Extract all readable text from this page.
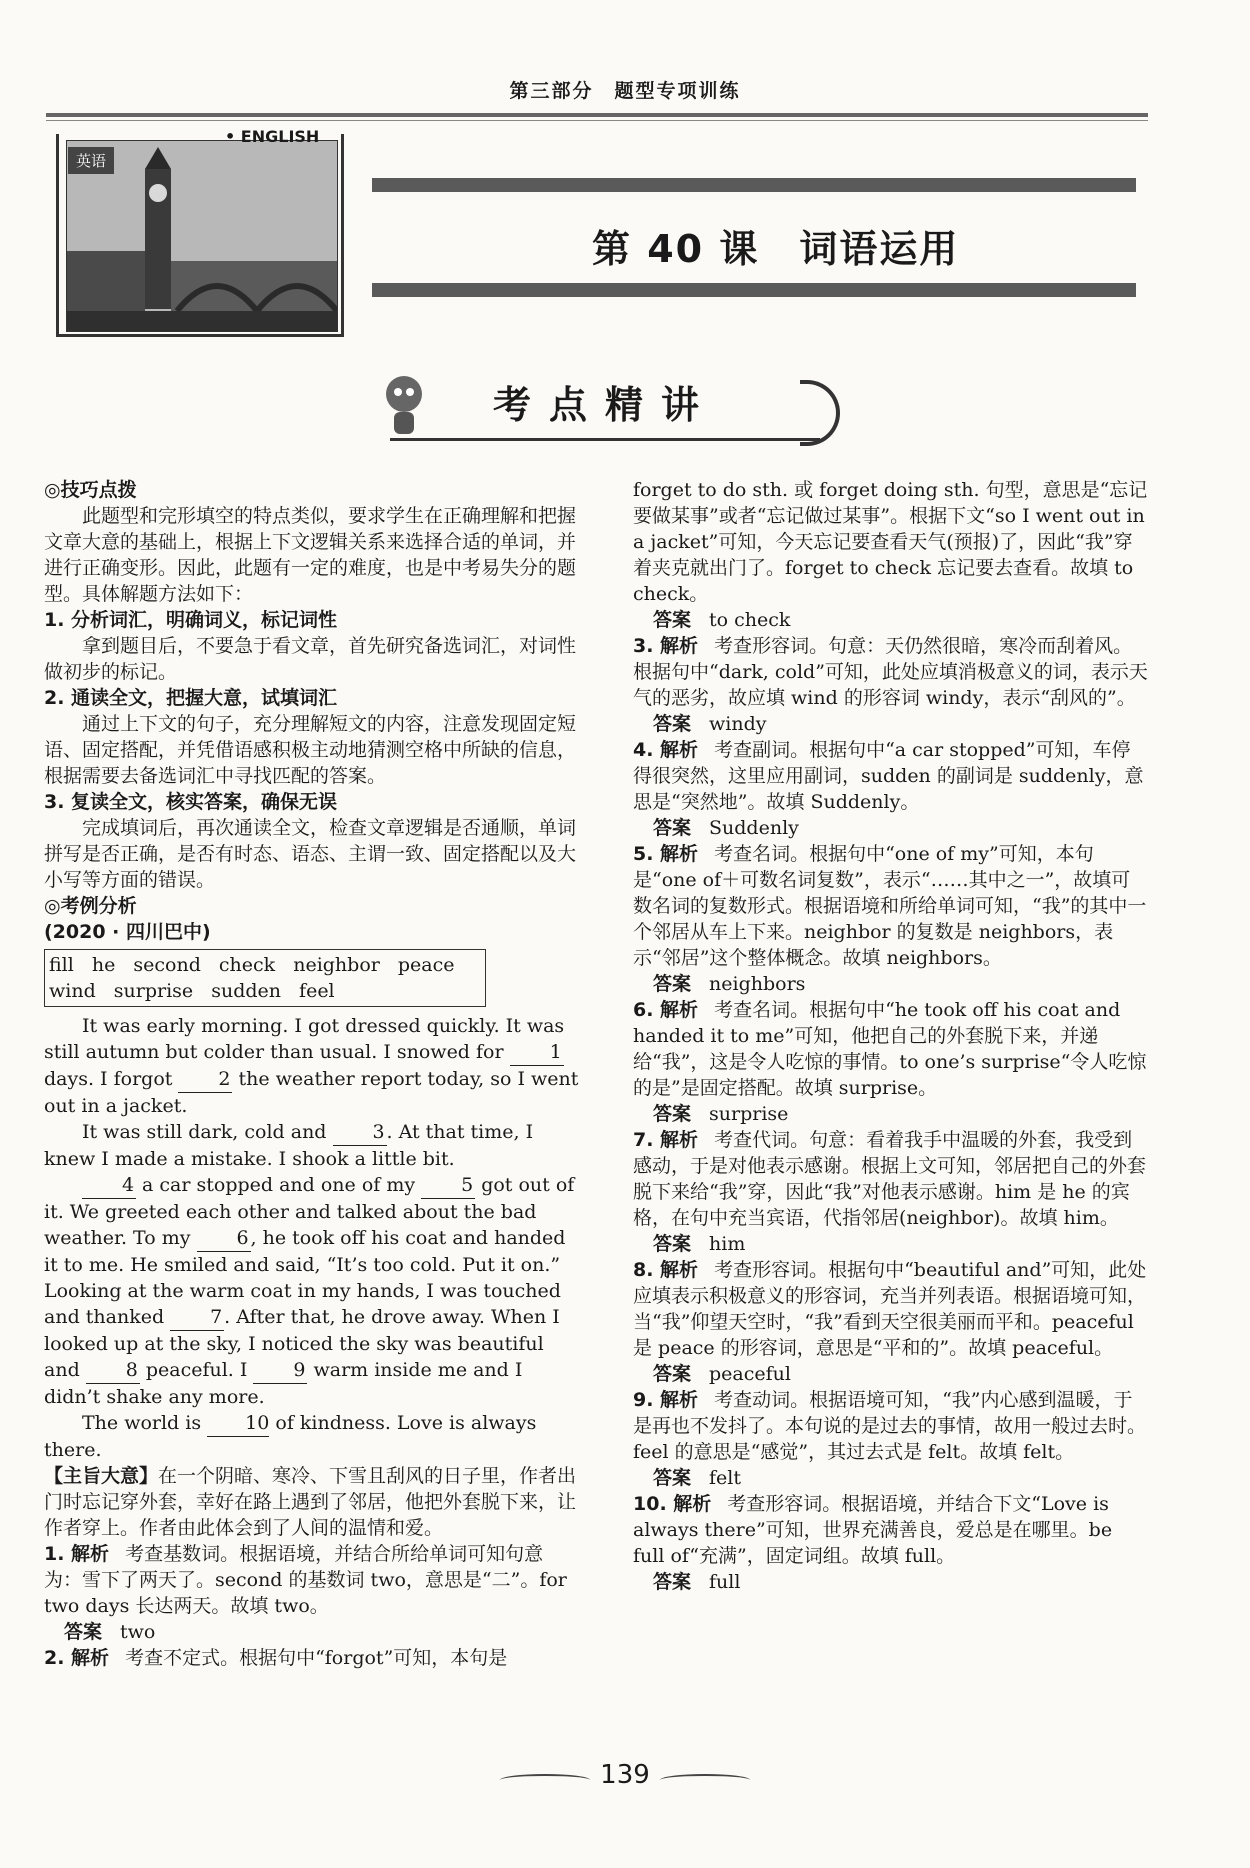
第三部分　题型专项训练
英语
• ENGLISH
第 40 课　词语运用
考点精讲

◎技巧点拨

此题型和完形填空的特点类似，要求学生在正确理解和把握文章大意的基础上，根据上下文逻辑关系来选择合适的单词，并进行正确变形。因此，此题有一定的难度，也是中考易失分的题型。具体解题方法如下：

1. 分析词汇，明确词义，标记词性

拿到题目后，不要急于看文章，首先研究备选词汇，对词性做初步的标记。

2. 通读全文，把握大意，试填词汇

通过上下文的句子，充分理解短文的内容，注意发现固定短语、固定搭配，并凭借语感积极主动地猜测空格中所缺的信息，根据需要去备选词汇中寻找匹配的答案。

3. 复读全文，核实答案，确保无误

完成填词后，再次通读全文，检查文章逻辑是否通顺，单词拼写是否正确，是否有时态、语态、主谓一致、固定搭配以及大小写等方面的错误。

◎考例分析

(2020 · 四川巴中)

fill he second check neighbor peace
wind surprise sudden feel

It was early morning. I got dressed quickly. It was still autumn but colder than usual. I snowed for 1 days. I forgot 2 the weather report today, so I went out in a jacket.

It was still dark, cold and 3 . At that time, I knew I made a mistake. I shook a little bit.

4 a car stopped and one of my 5 got out of it. We greeted each other and talked about the bad weather. To my 6 , he took off his coat and handed it to me. He smiled and said, “It’s too cold. Put it on.” Looking at the warm coat in my hands, I was touched and thanked 7 . After that, he drove away. When I looked up at the sky, I noticed the sky was beautiful and 8 peaceful. I 9 warm inside me and I didn’t shake any more.

The world is 10 of kindness. Love is always there.

【主旨大意】在一个阴暗、寒冷、下雪且刮风的日子里，作者出门时忘记穿外套，幸好在路上遇到了邻居，他把外套脱下来，让作者穿上。作者由此体会到了人间的温情和爱。

1. 解析 考查基数词。根据语境，并结合所给单词可知句意为：雪下了两天了。second 的基数词 two，意思是“二”。for two days 长达两天。故填 two。

答案 two

2. 解析 考查不定式。根据句中“forgot”可知，本句是

forget to do sth. 或 forget doing sth. 句型，意思是“忘记要做某事”或者“忘记做过某事”。根据下文“so I went out in a jacket”可知，今天忘记要查看天气(预报)了，因此“我”穿着夹克就出门了。forget to check 忘记要去查看。故填 to check。

答案 to check

3. 解析 考查形容词。句意：天仍然很暗，寒冷而刮着风。根据句中“dark, cold”可知，此处应填消极意义的词，表示天气的恶劣，故应填 wind 的形容词 windy，表示“刮风的”。

答案 windy

4. 解析 考查副词。根据句中“a car stopped”可知，车停得很突然，这里应用副词，sudden 的副词是 suddenly，意思是“突然地”。故填 Suddenly。

答案 Suddenly

5. 解析 考查名词。根据句中“one of my”可知，本句是“one of＋可数名词复数”，表示“……其中之一”，故填可数名词的复数形式。根据语境和所给单词可知，“我”的其中一个邻居从车上下来。neighbor 的复数是 neighbors，表示“邻居”这个整体概念。故填 neighbors。

答案 neighbors

6. 解析 考查名词。根据句中“he took off his coat and handed it to me”可知，他把自己的外套脱下来，并递给“我”，这是令人吃惊的事情。to one’s surprise“令人吃惊的是”是固定搭配。故填 surprise。

答案 surprise

7. 解析 考查代词。句意：看着我手中温暖的外套，我受到感动，于是对他表示感谢。根据上文可知，邻居把自己的外套脱下来给“我”穿，因此“我”对他表示感谢。him 是 he 的宾格，在句中充当宾语，代指邻居(neighbor)。故填 him。

答案 him

8. 解析 考查形容词。根据句中“beautiful and”可知，此处应填表示积极意义的形容词，充当并列表语。根据语境可知，当“我”仰望天空时，“我”看到天空很美丽而平和。peaceful 是 peace 的形容词，意思是“平和的”。故填 peaceful。

答案 peaceful

9. 解析 考查动词。根据语境可知，“我”内心感到温暖，于是再也不发抖了。本句说的是过去的事情，故用一般过去时。feel 的意思是“感觉”，其过去式是 felt。故填 felt。

答案 felt

10. 解析 考查形容词。根据语境，并结合下文“Love is always there”可知，世界充满善良，爱总是在哪里。be full of“充满”，固定词组。故填 full。

答案 full

139
